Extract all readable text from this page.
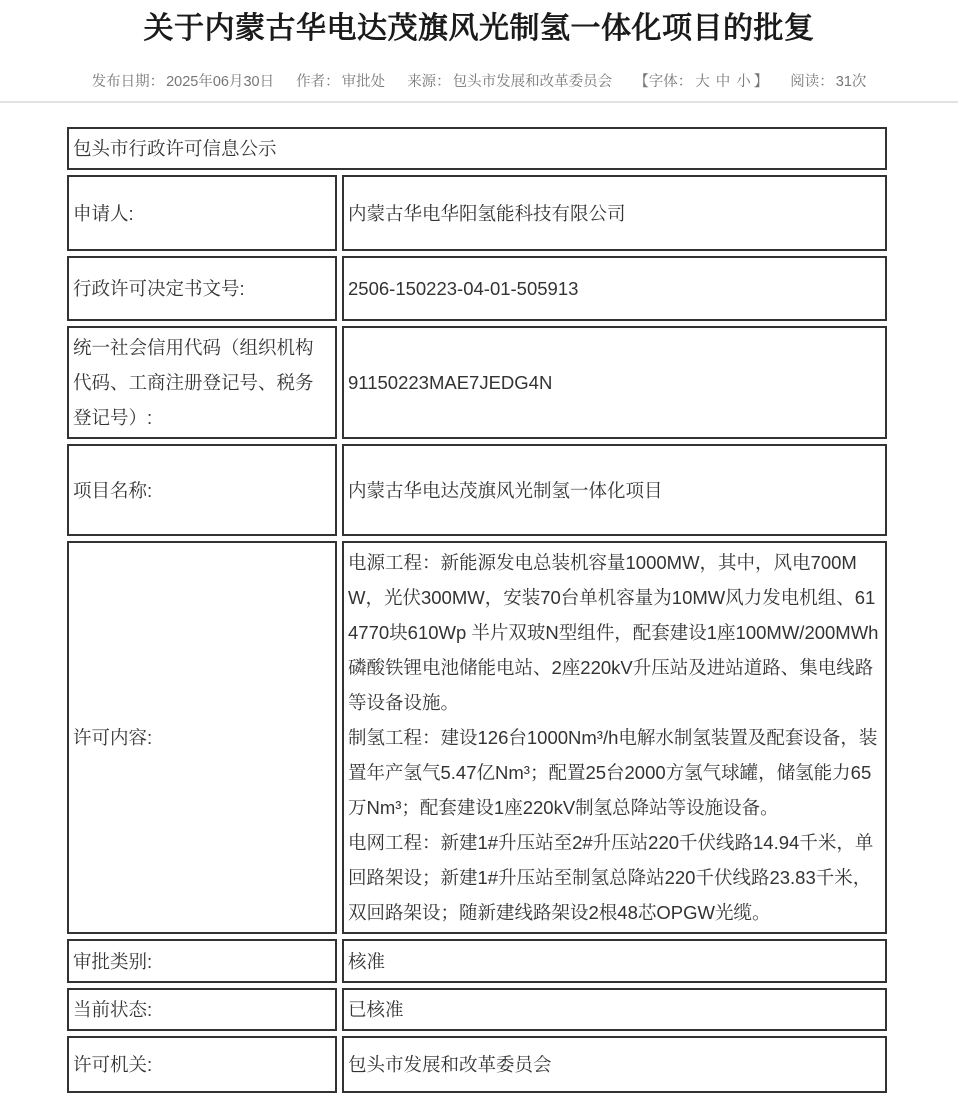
关于内蒙古华电达茂旗风光制氢一体化项目的批复
发布日期： 2025年06月30日 作者： 审批处 来源： 包头市发展和改革委员会 【字体： 大 中 小 】 阅读： 31次
包头市行政许可信息公示
申请人:	内蒙古华电华阳氢能科技有限公司
行政许可决定书文号:	2506-150223-04-01-505913
统一社会信用代码（组织机构代码、工商注册登记号、税务登记号）:
91150223MAE7JEDG4N
项目名称:	内蒙古华电达茂旗风光制氢一体化项目
许可内容:

电源工程：新能源发电总装机容量1000MW，其中，风电700MW，光伏300MW，安装70台单机容量为10MW风力发电机组、614770块610Wp 半片双玻N型组件，配套建设1座100MW/200MWh磷酸铁锂电池储能电站、2座220kV升压站及进站道路、集电线路等设备设施。

制氢工程：建设126台1000Nm³/h电解水制氢装置及配套设备，装置年产氢气5.47亿Nm³；配置25台2000方氢气球罐，储氢能力65万Nm³；配套建设1座220kV制氢总降站等设施设备。

电网工程：新建1#升压站至2#升压站220千伏线路14.94千米，单回路架设；新建1#升压站至制氢总降站220千伏线路23.83千米，双回路架设；随新建线路架设2根48芯OPGW光缆。

审批类别:	核准
当前状态:	已核准
许可机关:	包头市发展和改革委员会
